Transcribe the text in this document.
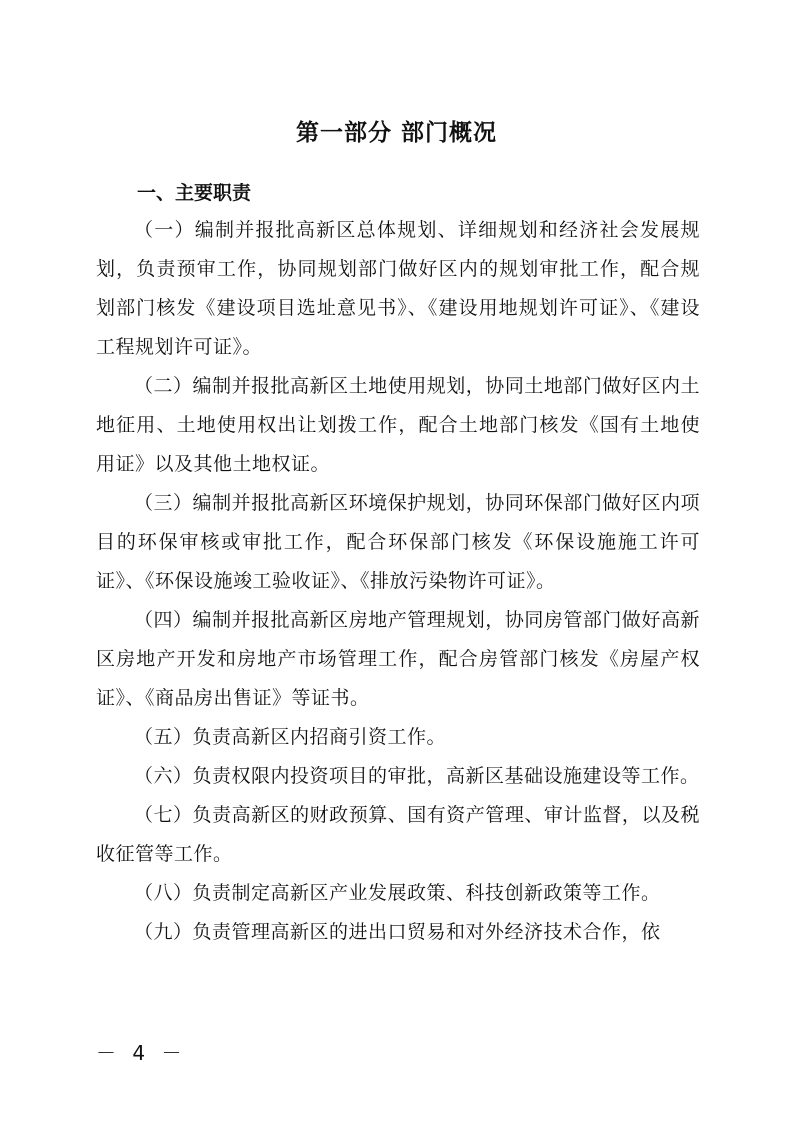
第一部分 部门概况
一、主要职责

（一）编制并报批高新区总体规划、详细规划和经济社会发展规划，负责预审工作，协同规划部门做好区内的规划审批工作，配合规划部门核发《建设项目选址意见书》、《建设用地规划许可证》、《建设工程规划许可证》。

（二）编制并报批高新区土地使用规划，协同土地部门做好区内土地征用、土地使用权出让划拨工作，配合土地部门核发《国有土地使用证》以及其他土地权证。

（三）编制并报批高新区环境保护规划，协同环保部门做好区内项目的环保审核或审批工作，配合环保部门核发《环保设施施工许可证》、《环保设施竣工验收证》、《排放污染物许可证》。

（四）编制并报批高新区房地产管理规划，协同房管部门做好高新区房地产开发和房地产市场管理工作，配合房管部门核发《房屋产权证》、《商品房出售证》等证书。

（五）负责高新区内招商引资工作。

（六）负责权限内投资项目的审批，高新区基础设施建设等工作。

（七）负责高新区的财政预算、国有资产管理、审计监督，以及税收征管等工作。

（八）负责制定高新区产业发展政策、科技创新政策等工作。

（九）负责管理高新区的进出口贸易和对外经济技术合作，依

－ 4 －
